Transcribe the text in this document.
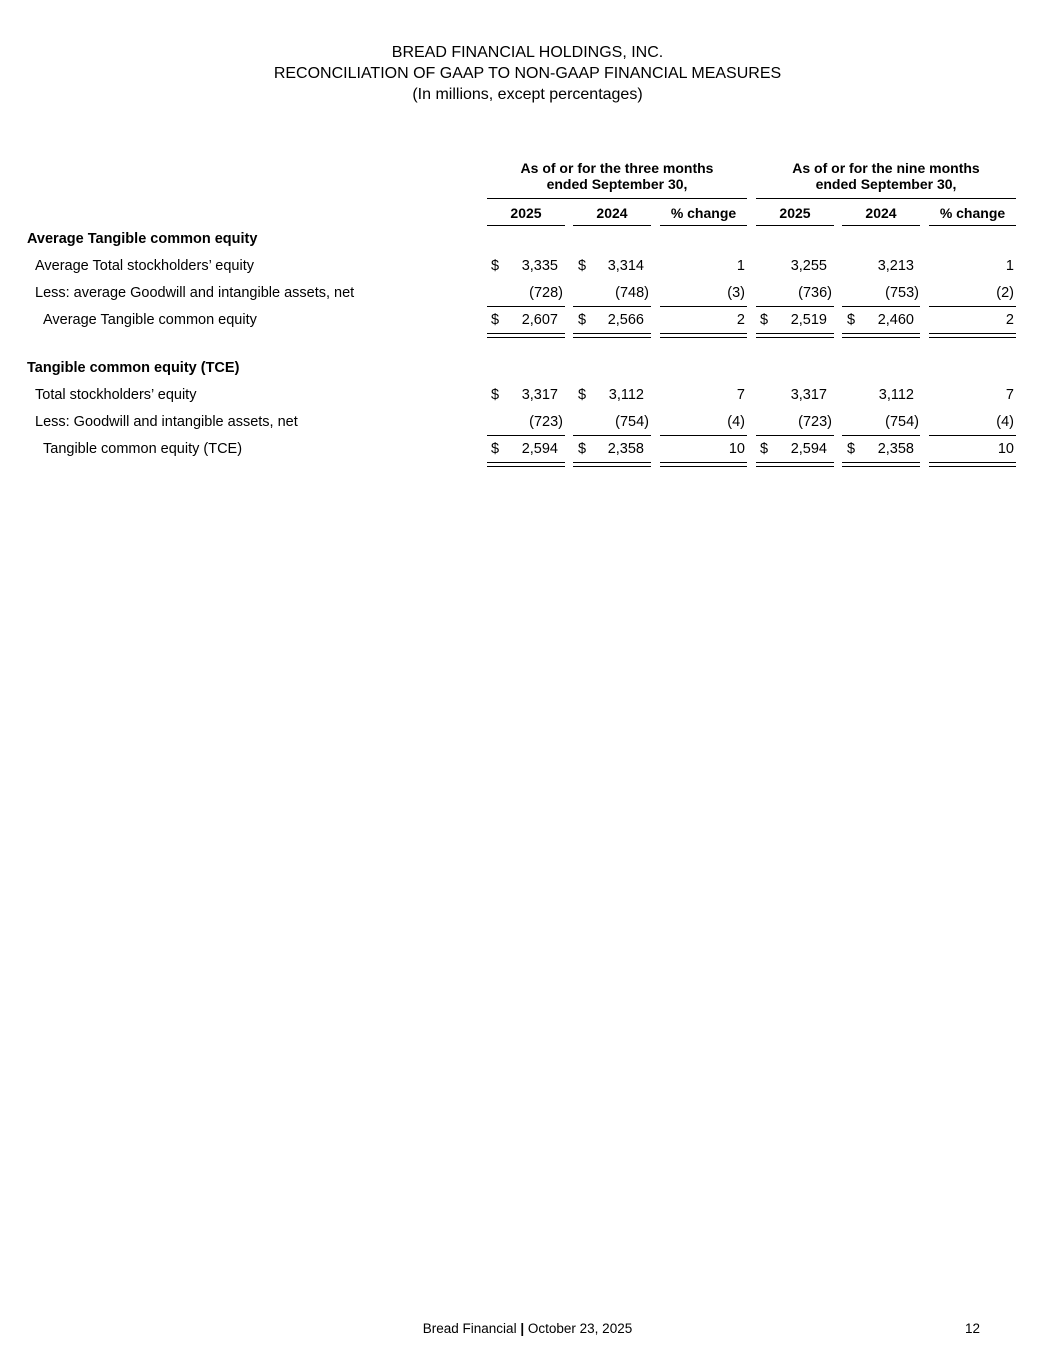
BREAD FINANCIAL HOLDINGS, INC.
RECONCILIATION OF GAAP TO NON-GAAP FINANCIAL MEASURES
(In millions, except percentages)
As of or for the three months
ended September 30,
As of or for the nine months
ended September 30,
2025	2024	% change	2025	2024	% change
Average Tangible common equity
Average Total stockholders’ equity	$	3,335 $	3,314	1	3,255	3,213	1
Less: average Goodwill and intangible assets, net	(728)	(748)	(3)	(736)	(753)	(2)
Average Tangible common equity	$	2,607 $	2,566	2 $	2,519 $	2,460	2
Tangible common equity (TCE)
Total stockholders’ equity	$	3,317 $	3,112	7	3,317	3,112	7
Less: Goodwill and intangible assets, net	(723)	(754)	(4)	(723)	(754)	(4)
Tangible common equity (TCE)	$	2,594 $	2,358	10 $	2,594 $	2,358	10
Bread Financial | October 23, 2025	12
